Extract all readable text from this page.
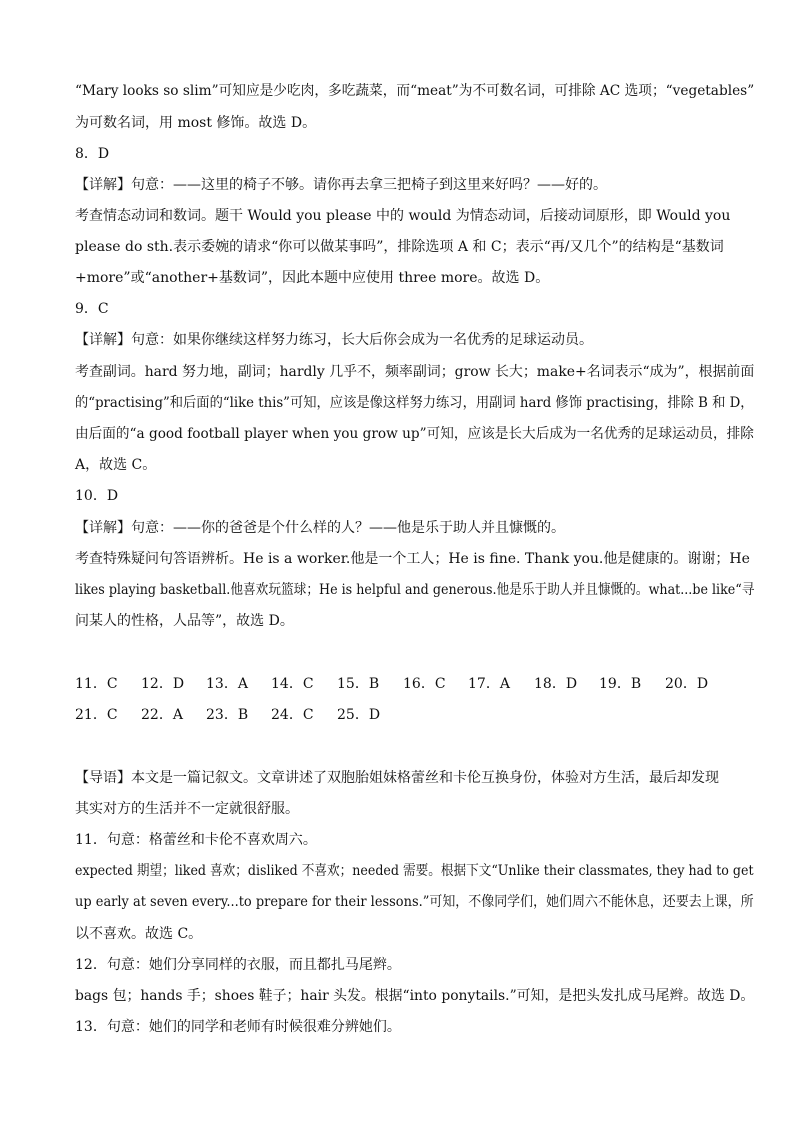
“Mary looks so slim”可知应是少吃肉，多吃蔬菜，而“meat”为不可数名词，可排除 AC 选项；“vegetables”
为可数名词，用 most 修饰。故选 D。
8．D
【详解】句意：——这里的椅子不够。请你再去拿三把椅子到这里来好吗？——好的。
考查情态动词和数词。题干 Would you please 中的 would 为情态动词，后接动词原形，即 Would you
please do sth.表示委婉的请求“你可以做某事吗”，排除选项 A 和 C；表示“再/又几个”的结构是“基数词
+more”或“another+基数词”，因此本题中应使用 three more。故选 D。
9．C
【详解】句意：如果你继续这样努力练习，长大后你会成为一名优秀的足球运动员。
考查副词。hard 努力地，副词；hardly 几乎不，频率副词；grow 长大；make+名词表示“成为”，根据前面
的“practising”和后面的“like this”可知，应该是像这样努力练习，用副词 hard 修饰 practising，排除 B 和 D，
由后面的“a good football player when you grow up”可知，应该是长大后成为一名优秀的足球运动员，排除
A，故选 C。
10．D
【详解】句意：——你的爸爸是个什么样的人？——他是乐于助人并且慷慨的。
考查特殊疑问句答语辨析。He is a worker.他是一个工人；He is fine. Thank you.他是健康的。谢谢；He
likes playing basketball.他喜欢玩篮球；He is helpful and generous.他是乐于助人并且慷慨的。what...be like“寻
问某人的性格，人品等”，故选 D。
11．C 12．D 13．A 14．C 15．B 16．C 17．A 18．D 19．B 20．D
21．C 22．A 23．B 24．C 25．D
【导语】本文是一篇记叙文。文章讲述了双胞胎姐妹格蕾丝和卡伦互换身份，体验对方生活，最后却发现
其实对方的生活并不一定就很舒服。
11．句意：格蕾丝和卡伦不喜欢周六。
expected 期望；liked 喜欢；disliked 不喜欢；needed 需要。根据下文“Unlike their classmates, they had to get
up early at seven every...to prepare for their lessons.”可知，不像同学们，她们周六不能休息，还要去上课，所
以不喜欢。故选 C。
12．句意：她们分享同样的衣服，而且都扎马尾辫。
bags 包；hands 手；shoes 鞋子；hair 头发。根据“into ponytails.”可知，是把头发扎成马尾辫。故选 D。
13．句意：她们的同学和老师有时候很难分辨她们。
